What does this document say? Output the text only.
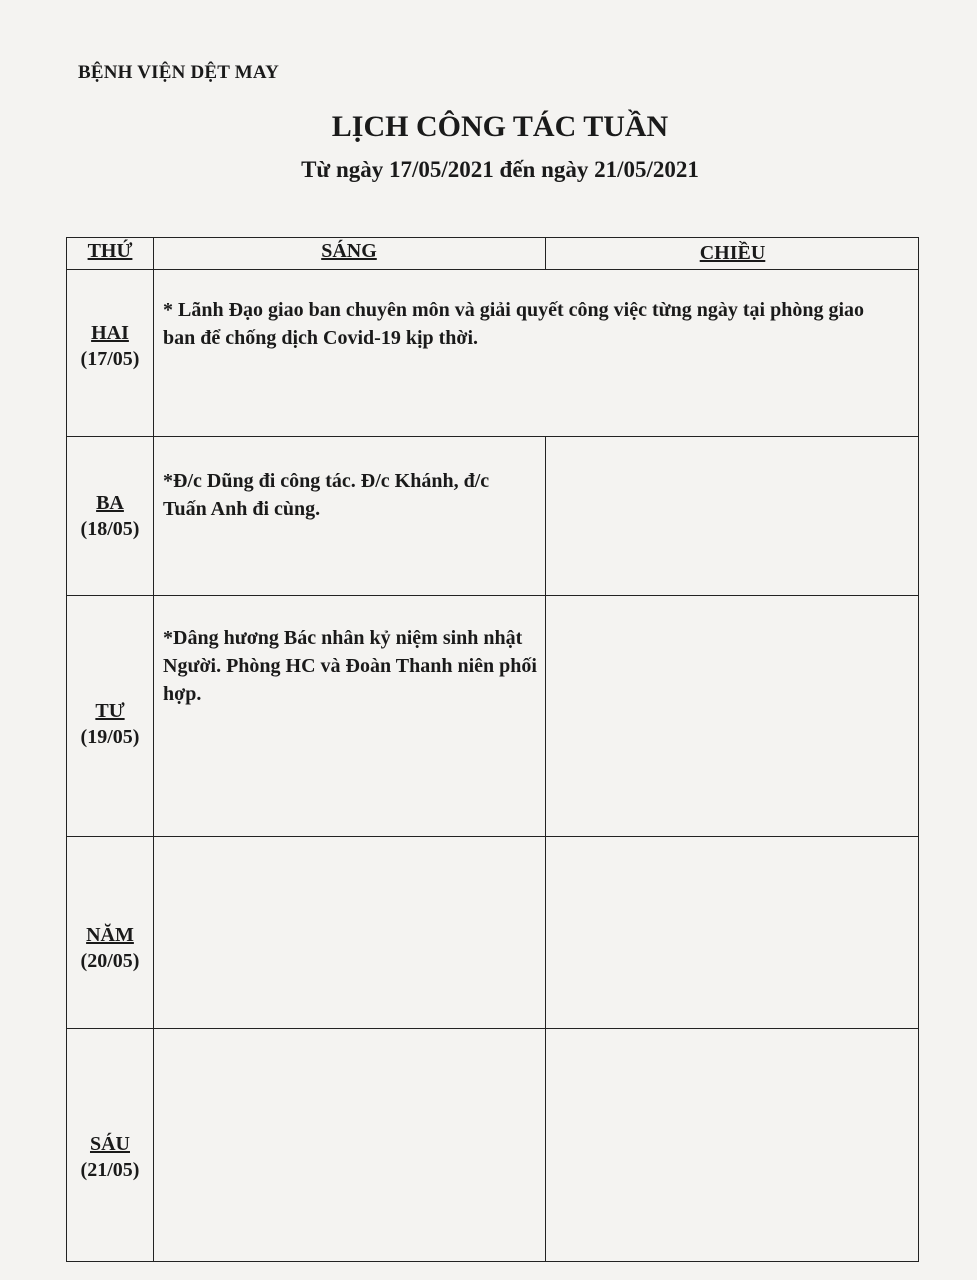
BỆNH VIỆN DỆT MAY
LỊCH CÔNG TÁC TUẦN
Từ ngày 17/05/2021 đến ngày 21/05/2021
THỨ	SÁNG	CHIỀU
HAI
(17/05)
* Lãnh Đạo giao ban chuyên môn và giải quyết công việc từng ngày tại phòng giao ban để chống dịch Covid-19 kịp thời.
BA
(18/05)
*Đ/c Dũng đi công tác. Đ/c Khánh, đ/c Tuấn Anh đi cùng.
TƯ
(19/05)
*Dâng hương Bác nhân kỷ niệm sinh nhật Người. Phòng HC và Đoàn Thanh niên phối hợp.
NĂM
(20/05)
SÁU
(21/05)
